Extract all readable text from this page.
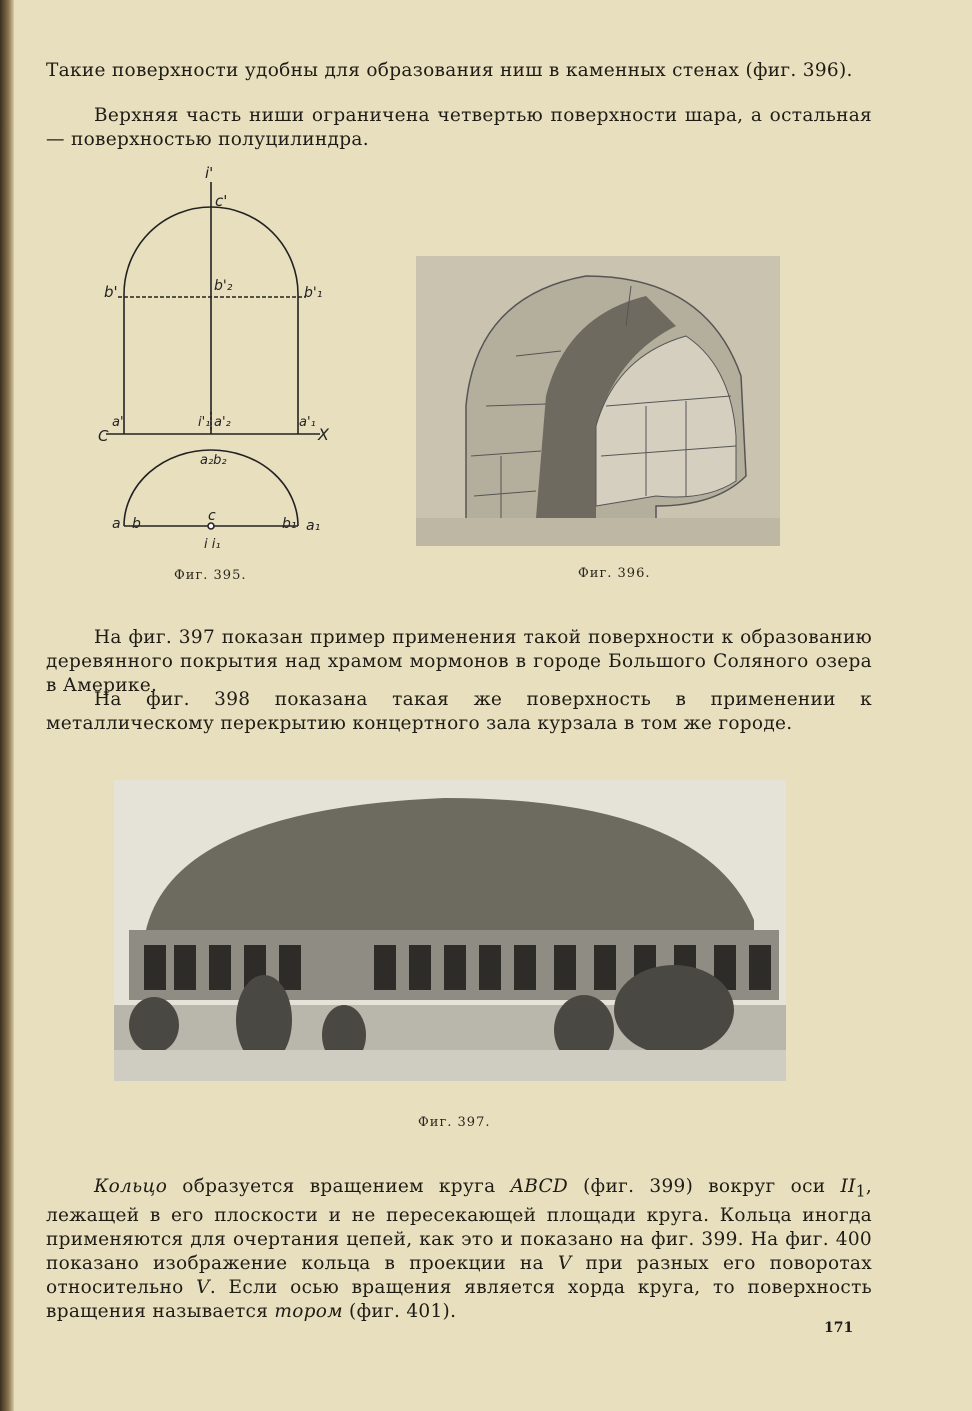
Такие поверхности удобны для образования ниш в каменных стенах (фиг. 396).

Верхняя часть ниши ограничена четвертью поверхности шара, а остальная — поверхностью полуцилиндра.

i'
c'
b'	b'₂	b'₁
C
a'	i'₁ a'₂	a'₁
X
a₂b₂
a b	c	b₁ a₁
i i₁
Фиг. 395.	Фиг. 396.

На фиг. 397 показан пример применения такой поверхности к образованию деревянного покрытия над храмом мормонов в городе Большого Соляного озера в Америке.

На фиг. 398 показана такая же поверхность в применении к металлическому перекрытию концертного зала курзала в том же городе.

Фиг. 397.

Кольцо образуется вращением круга ABCD (фиг. 399) вокруг оси $II_1$, лежащей в его плоскости и не пересекающей площади круга. Кольца иногда применяются для очертания цепей, как это и показано на фиг. 399. На фиг. 400 показано изображение кольца в проекции на V при разных его поворотах относительно V. Если осью вращения является хорда круга, то поверхность вращения называется тором (фиг. 401).

171
